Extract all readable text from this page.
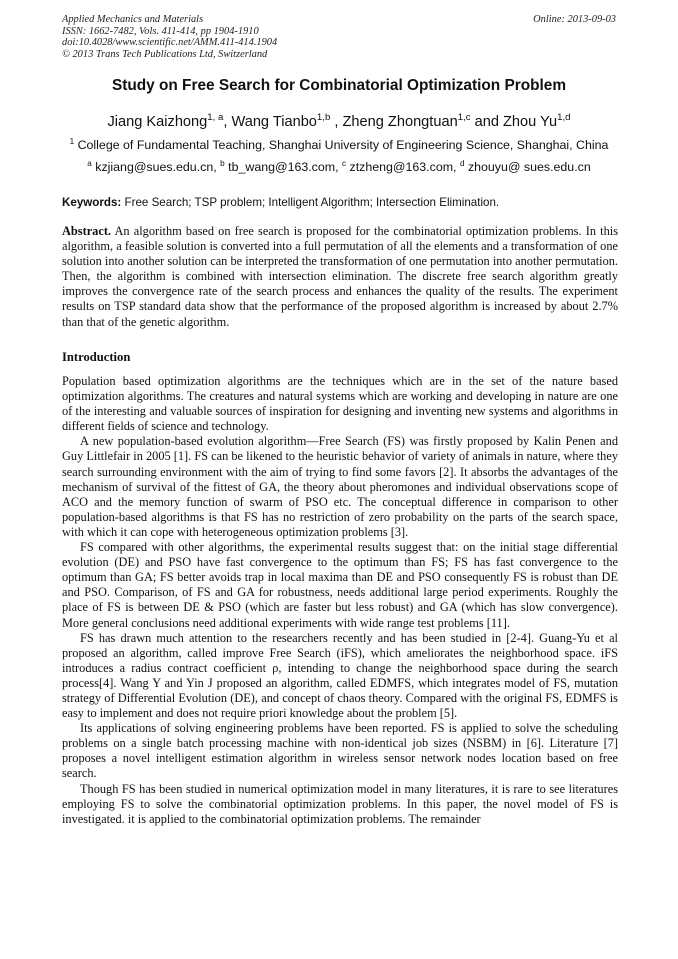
Applied Mechanics and Materials
ISSN: 1662-7482, Vols. 411-414, pp 1904-1910
doi:10.4028/www.scientific.net/AMM.411-414.1904
© 2013 Trans Tech Publications Ltd, Switzerland
Online: 2013-09-03
Study on Free Search for Combinatorial Optimization Problem
Jiang Kaizhong$^{1, a}$, Wang Tianbo$^{1,b}$ , Zheng Zhongtuan$^{1,c}$ and Zhou Yu$^{1,d}$
$^1$ College of Fundamental Teaching, Shanghai University of Engineering Science, Shanghai, China
$^a$ kzjiang@sues.edu.cn, $^b$ tb_wang@163.com, $^c$ ztzheng@163.com, $^d$ zhouyu@ sues.edu.cn
Keywords: Free Search; TSP problem; Intelligent Algorithm; Intersection Elimination.
Abstract. An algorithm based on free search is proposed for the combinatorial optimization problems. In this algorithm, a feasible solution is converted into a full permutation of all the elements and a transformation of one solution into another solution can be interpreted the transformation of one permutation into another permutation. Then, the algorithm is combined with intersection elimination. The discrete free search algorithm greatly improves the convergence rate of the search process and enhances the quality of the results. The experiment results on TSP standard data show that the performance of the proposed algorithm is increased by about 2.7% than that of the genetic algorithm.
Introduction

Population based optimization algorithms are the techniques which are in the set of the nature based optimization algorithms. The creatures and natural systems which are working and developing in nature are one of the interesting and valuable sources of inspiration for designing and inventing new systems and algorithms in different fields of science and technology.

A new population-based evolution algorithm—Free Search (FS) was firstly proposed by Kalin Penen and Guy Littlefair in 2005 [1]. FS can be likened to the heuristic behavior of variety of animals in nature, where they search surrounding environment with the aim of trying to find some favors [2]. It absorbs the advantages of the mechanism of survival of the fittest of GA, the theory about pheromones and individual observations scope of ACO and the memory function of swarm of PSO etc. The conceptual difference in comparison to other population-based algorithms is that FS has no restriction of zero probability on the parts of the search space, with which it can cope with heterogeneous optimization problems [3].

FS compared with other algorithms, the experimental results suggest that: on the initial stage differential evolution (DE) and PSO have fast convergence to the optimum than FS; FS has fast convergence to the optimum than GA; FS better avoids trap in local maxima than DE and PSO consequently FS is robust than DE and PSO. Comparison, of FS and GA for robustness, needs additional large period experiments. Roughly the place of FS is between DE & PSO (which are faster but less robust) and GA (which has slow convergence). More general conclusions need additional experiments with wide range test problems [11].

FS has drawn much attention to the researchers recently and has been studied in [2-4]. Guang-Yu et al proposed an algorithm, called improve Free Search (iFS), which ameliorates the neighborhood space. iFS introduces a radius contract coefficient ρ, intending to change the neighborhood space during the search process[4]. Wang Y and Yin J proposed an algorithm, called EDMFS, which integrates model of FS, mutation strategy of Differential Evolution (DE), and concept of chaos theory. Compared with the original FS, EDMFS is easy to implement and does not require priori knowledge about the problem [5].

Its applications of solving engineering problems have been reported. FS is applied to solve the scheduling problems on a single batch processing machine with non-identical job sizes (NSBM) in [6]. Literature [7] proposes a novel intelligent estimation algorithm in wireless sensor network nodes location based on free search.

Though FS has been studied in numerical optimization model in many literatures, it is rare to see literatures employing FS to solve the combinatorial optimization problems. In this paper, the novel model of FS is investigated. it is applied to the combinatorial optimization problems. The remainder
